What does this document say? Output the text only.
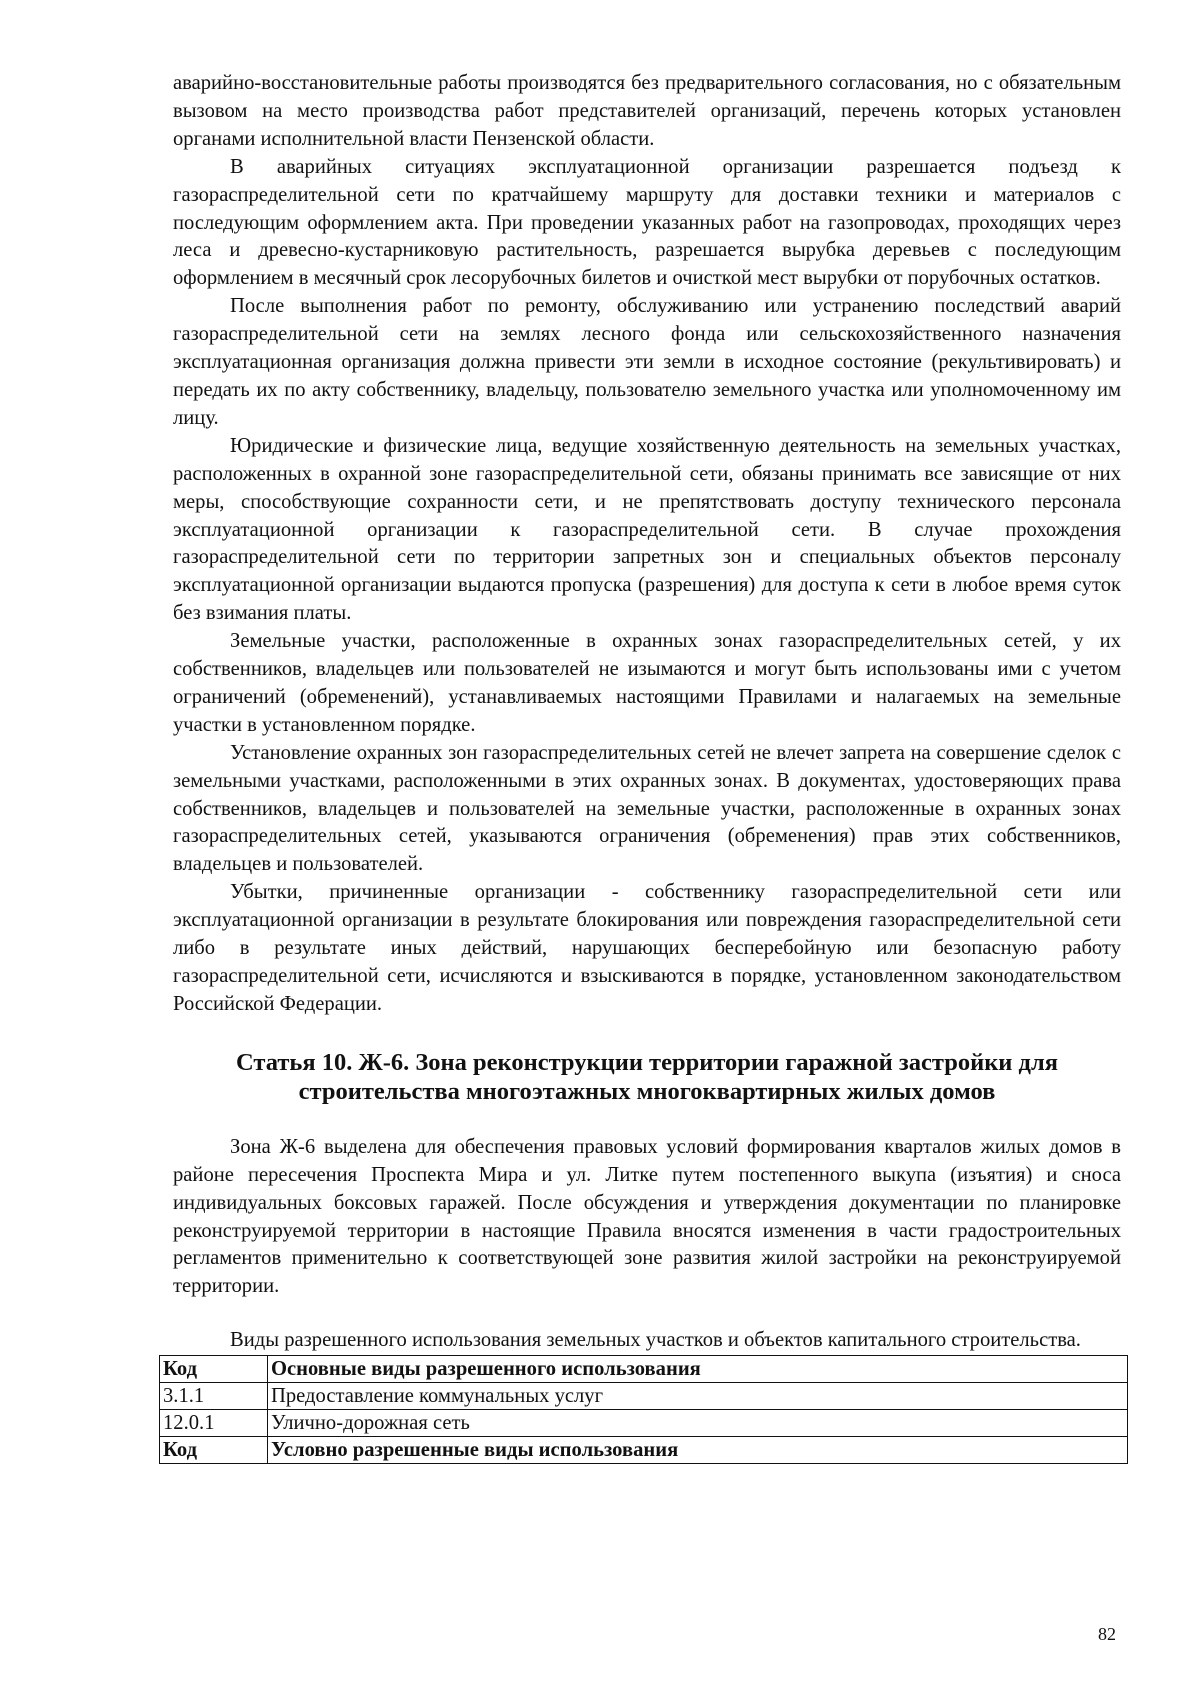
аварийно-восстановительные работы производятся без предварительного согласования, но с обязательным вызовом на место производства работ представителей организаций, перечень которых установлен органами исполнительной власти Пензенской области.

В аварийных ситуациях эксплуатационной организации разрешается подъезд к газораспределительной сети по кратчайшему маршруту для доставки техники и материалов с последующим оформлением акта. При проведении указанных работ на газопроводах, проходящих через леса и древесно-кустарниковую растительность, разрешается вырубка деревьев с последующим оформлением в месячный срок лесорубочных билетов и очисткой мест вырубки от порубочных остатков.

После выполнения работ по ремонту, обслуживанию или устранению последствий аварий газораспределительной сети на землях лесного фонда или сельскохозяйственного назначения эксплуатационная организация должна привести эти земли в исходное состояние (рекультивировать) и передать их по акту собственнику, владельцу, пользователю земельного участка или уполномоченному им лицу.

Юридические и физические лица, ведущие хозяйственную деятельность на земельных участках, расположенных в охранной зоне газораспределительной сети, обязаны принимать все зависящие от них меры, способствующие сохранности сети, и не препятствовать доступу технического персонала эксплуатационной организации к газораспределительной сети. В случае прохождения газораспределительной сети по территории запретных зон и специальных объектов персоналу эксплуатационной организации выдаются пропуска (разрешения) для доступа к сети в любое время суток без взимания платы.

Земельные участки, расположенные в охранных зонах газораспределительных сетей, у их собственников, владельцев или пользователей не изымаются и могут быть использованы ими с учетом ограничений (обременений), устанавливаемых настоящими Правилами и налагаемых на земельные участки в установленном порядке.

Установление охранных зон газораспределительных сетей не влечет запрета на совершение сделок с земельными участками, расположенными в этих охранных зонах. В документах, удостоверяющих права собственников, владельцев и пользователей на земельные участки, расположенные в охранных зонах газораспределительных сетей, указываются ограничения (обременения) прав этих собственников, владельцев и пользователей.

Убытки, причиненные организации - собственнику газораспределительной сети или эксплуатационной организации в результате блокирования или повреждения газораспределительной сети либо в результате иных действий, нарушающих бесперебойную или безопасную работу газораспределительной сети, исчисляются и взыскиваются в порядке, установленном законодательством Российской Федерации.

Статья 10. Ж-6. Зона реконструкции территории гаражной застройки для строительства многоэтажных многоквартирных жилых домов

Зона Ж-6 выделена для обеспечения правовых условий формирования кварталов жилых домов в районе пересечения Проспекта Мира и ул. Литке путем постепенного выкупа (изъятия) и сноса индивидуальных боксовых гаражей. После обсуждения и утверждения документации по планировке реконструируемой территории в настоящие Правила вносятся изменения в части градостроительных регламентов применительно к соответствующей зоне развития жилой застройки на реконструируемой территории.

Виды разрешенного использования земельных участков и объектов капитального строительства.

Код	Основные виды разрешенного использования
3.1.1	Предоставление коммунальных услуг
12.0.1	Улично-дорожная сеть
Код	Условно разрешенные виды использования
82
